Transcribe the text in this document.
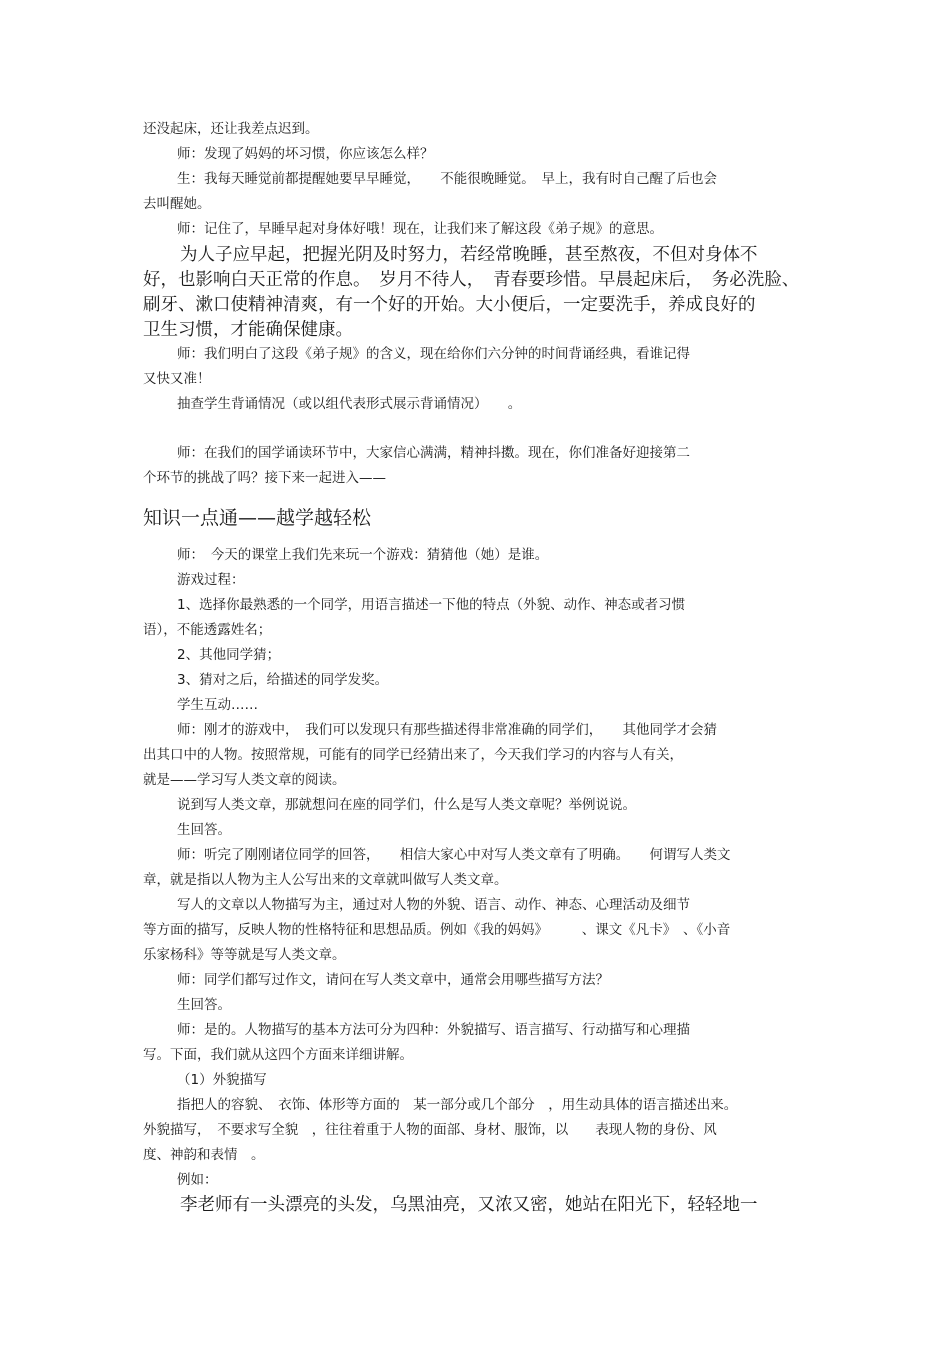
还没起床，还让我差点迟到。
师：发现了妈妈的坏习惯，你应该怎么样？
生：我每天睡觉前都提醒她要早早睡觉，　　不能很晚睡觉。　早上，我有时自己醒了后也会
去叫醒她。
师：记住了，早睡早起对身体好哦！现在，让我们来了解这段《弟子规》的意思。
为人子应早起，把握光阴及时努力，若经常晚睡，甚至熬夜，不但对身体不
好，也影响白天正常的作息。　岁月不待人，　青春要珍惜。早晨起床后，　务必洗脸、
刷牙、漱口使精神清爽，有一个好的开始。大小便后，一定要洗手，养成良好的
卫生习惯，才能确保健康。
师：我们明白了这段《弟子规》的含义，现在给你们六分钟的时间背诵经典，看谁记得
又快又准！
抽查学生背诵情况（或以组代表形式展示背诵情况）　　。
师：在我们的国学诵读环节中，大家信心满满，精神抖擞。现在，你们准备好迎接第二
个环节的挑战了吗？接下来一起进入——
知识一点通——越学越轻松
师：　今天的课堂上我们先来玩一个游戏：猜猜他（她）是谁。
游戏过程：
1、选择你最熟悉的一个同学，用语言描述一下他的特点（外貌、动作、神态或者习惯
语），不能透露姓名；
2、其他同学猜；
3、猜对之后，给描述的同学发奖。
学生互动……
师：刚才的游戏中，　我们可以发现只有那些描述得非常准确的同学们，　　其他同学才会猜
出其口中的人物。按照常规，可能有的同学已经猜出来了，今天我们学习的内容与人有关，
就是——学习写人类文章的阅读。
说到写人类文章，那就想问在座的同学们，什么是写人类文章呢？举例说说。
生回答。
师：听完了刚刚诸位同学的回答，　　相信大家心中对写人类文章有了明确。　　何谓写人类文
章，就是指以人物为主人公写出来的文章就叫做写人类文章。
写人的文章以人物描写为主，通过对人物的外貌、语言、动作、神态、心理活动及细节
等方面的描写，反映人物的性格特征和思想品质。例如《我的妈妈》　　　、课文《凡卡》　、《小音
乐家杨科》等等就是写人类文章。
师：同学们都写过作文，请问在写人类文章中，通常会用哪些描写方法？
生回答。
师：是的。人物描写的基本方法可分为四种：外貌描写、语言描写、行动描写和心理描
写。下面，我们就从这四个方面来详细讲解。
（1）外貌描写
指把人的容貌、　衣饰、体形等方面的　某一部分或几个部分　，用生动具体的语言描述出来。
外貌描写，　不要求写全貌　，往往着重于人物的面部、身材、服饰，以　　表现人物的身份、风
度、神韵和表情　。
例如：
李老师有一头漂亮的头发，乌黑油亮，又浓又密，她站在阳光下，轻轻地一
